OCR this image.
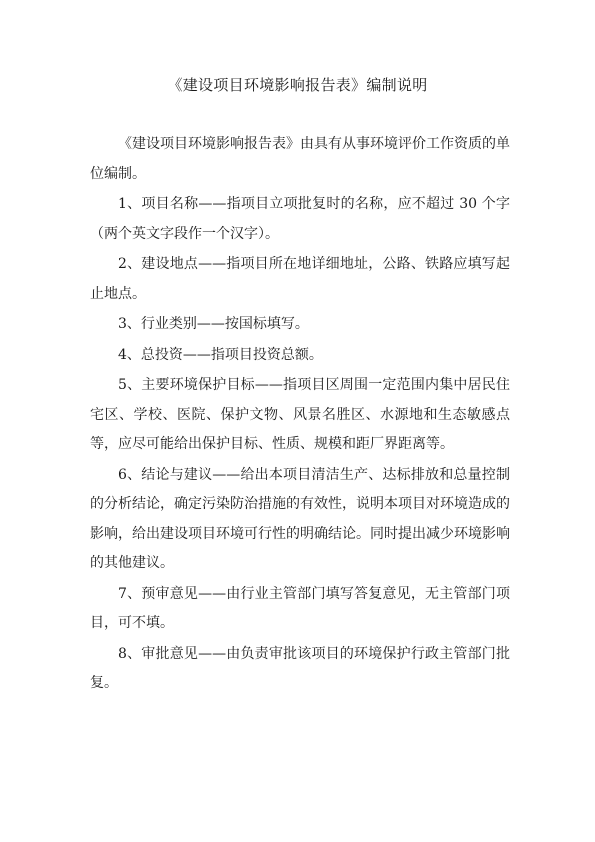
《建设项目环境影响报告表》编制说明

《建设项目环境影响报告表》由具有从事环境评价工作资质的单位编制。

1、项目名称——指项目立项批复时的名称，应不超过 30 个字（两个英文字段作一个汉字）。

2、建设地点——指项目所在地详细地址，公路、铁路应填写起止地点。

3、行业类别——按国标填写。

4、总投资——指项目投资总额。

5、主要环境保护目标——指项目区周围一定范围内集中居民住宅区、学校、医院、保护文物、风景名胜区、水源地和生态敏感点等，应尽可能给出保护目标、性质、规模和距厂界距离等。

6、结论与建议——给出本项目清洁生产、达标排放和总量控制的分析结论，确定污染防治措施的有效性，说明本项目对环境造成的影响，给出建设项目环境可行性的明确结论。同时提出减少环境影响的其他建议。

7、预审意见——由行业主管部门填写答复意见，无主管部门项目，可不填。

8、审批意见——由负责审批该项目的环境保护行政主管部门批复。
